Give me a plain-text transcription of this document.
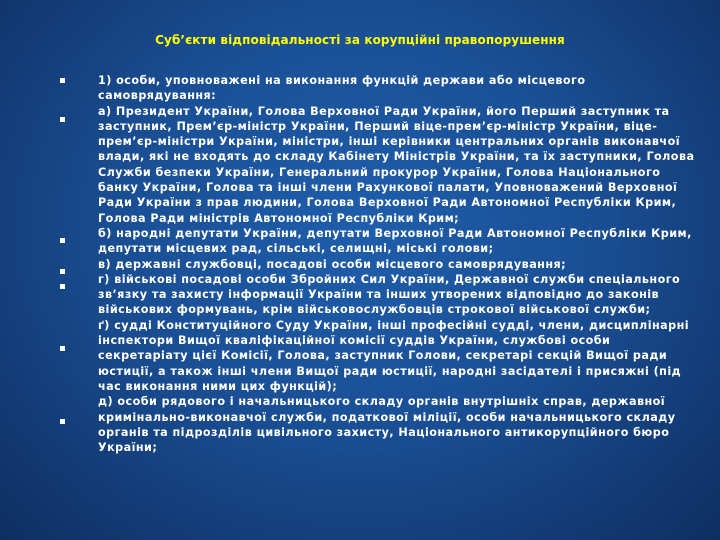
Суб’єкти відповідальності за корупційні правопорушення
1) особи, уповноважені на виконання функцій держави або місцевого самоврядування:
а) Президент України, Голова Верховної Ради України, його Перший заступник та заступник, Прем’єр-міністр України, Перший віце-прем’єр-міністр України, віце-прем’єр-міністри України, міністри, інші керівники центральних органів виконавчої влади, які не входять до складу Кабінету Міністрів України, та їх заступники, Голова Служби безпеки України, Генеральний прокурор України, Голова Національного банку України, Голова та інші члени Рахункової палати, Уповноважений Верховної Ради України з прав людини, Голова Верховної Ради Автономної Республіки Крим, Голова Ради міністрів Автономної Республіки Крим;
б) народні депутати України, депутати Верховної Ради Автономної Республіки Крим, депутати місцевих рад, сільські, селищні, міські голови;
в) державні службовці, посадові особи місцевого самоврядування;
г) військові посадові особи Збройних Сил України, Державної служби спеціального зв’язку та захисту інформації України та інших утворених відповідно до законів військових формувань, крім військовослужбовців строкової військової служби;
ґ) судді Конституційного Суду України, інші професійні судді, члени, дисциплінарні інспектори Вищої кваліфікаційної комісії суддів України, службові особи секретаріату цієї Комісії, Голова, заступник Голови, секретарі секцій Вищої ради юстиції, а також інші члени Вищої ради юстиції, народні засідателі і присяжні (під час виконання ними цих функцій);
д) особи рядового і начальницького складу органів внутрішніх справ, державної кримінально-виконавчої служби, податкової міліції, особи начальницького складу органів та підрозділів цивільного захисту, Національного антикорупційного бюро України;
